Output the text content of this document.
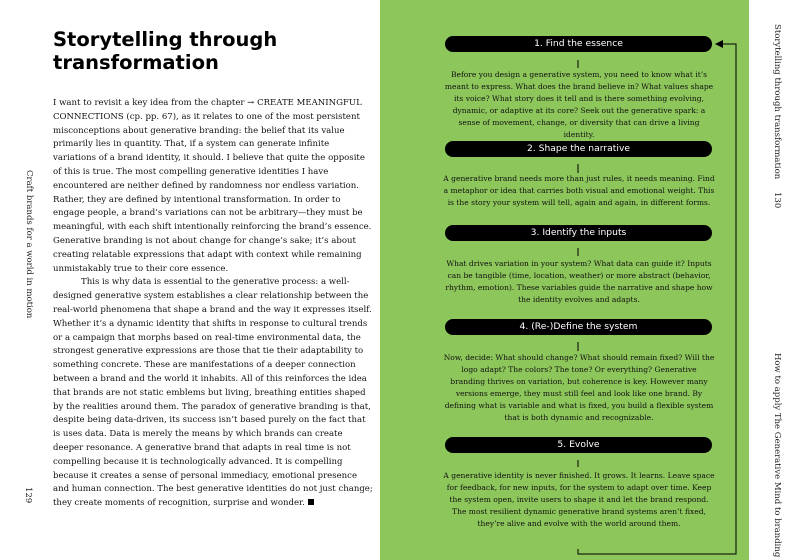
Craft brands for a world in motion
129
Storytelling through transformation

I want to revisit a key idea from the chapter → CREATE MEANINGFUL CONNECTIONS (cp. pp. 67), as it relates to one of the most persistent misconceptions about generative branding: the belief that its value primarily lies in quantity. That, if a system can generate infinite variations of a brand identity, it should. I believe that quite the opposite of this is true. The most compelling generative identities I have encountered are neither defined by randomness nor endless variation. Rather, they are defined by intentional transformation. In order to engage people, a brand’s variations can not be arbitrary—they must be meaningful, with each shift intentionally reinforcing the brand’s essence. Generative branding is not about change for change’s sake; it’s about creating relatable expressions that adapt with context while remaining unmistakably true to their core essence.

This is why data is essential to the generative process: a well-designed generative system establishes a clear relationship between the real-world phenomena that shape a brand and the way it expresses itself. Whether it’s a dynamic identity that shifts in response to cultural trends or a campaign that morphs based on real-time environmental data, the strongest generative expressions are those that tie their adaptability to something concrete. These are manifestations of a deeper connection between a brand and the world it inhabits. All of this reinforces the idea that brands are not static emblems but living, breathing entities shaped by the realities around them. The paradox of generative branding is that, despite being data-driven, its success isn’t based purely on the fact that is uses data. Data is merely the means by which brands can create deeper resonance. A generative brand that adapts in real time is not compelling because it is technologically advanced. It is compelling because it creates a sense of personal immediacy, emotional presence and human connection. The best generative identities do not just change; they create moments of recognition, surprise and wonder.

Storytelling through transformation
130
How to apply The Generative Mind to branding
1. Find the essence
Before you design a generative system, you need to know what it’s meant to express. What does the brand believe in? What values shape its voice? What story does it tell and is there something evolving, dynamic, or adaptive at its core? Seek out the generative spark: a sense of movement, change, or diversity that can drive a living identity.
2. Shape the narrative
A generative brand needs more than just rules, it needs meaning. Find a metaphor or idea that carries both visual and emotional weight. This is the story your system will tell, again and again, in different forms.
3. Identify the inputs
What drives variation in your system? What data can guide it? Inputs can be tangible (time, location, weather) or more abstract (behavior, rhythm, emotion). These variables guide the narrative and shape how the identity evolves and adapts.
4. (Re-)Define the system
Now, decide: What should change? What should remain fixed? Will the logo adapt? The colors? The tone? Or everything? Generative branding thrives on variation, but coherence is key. However many versions emerge, they must still feel and look like one brand. By defining what is variable and what is fixed, you build a flexible system that is both dynamic and recognizable.
5. Evolve
A generative identity is never finished. It grows. It learns. Leave space for feedback, for new inputs, for the system to adapt over time. Keep the system open, invite users to shape it and let the brand respond. The most resilient dynamic generative brand systems aren’t fixed, they’re alive and evolve with the world around them.
